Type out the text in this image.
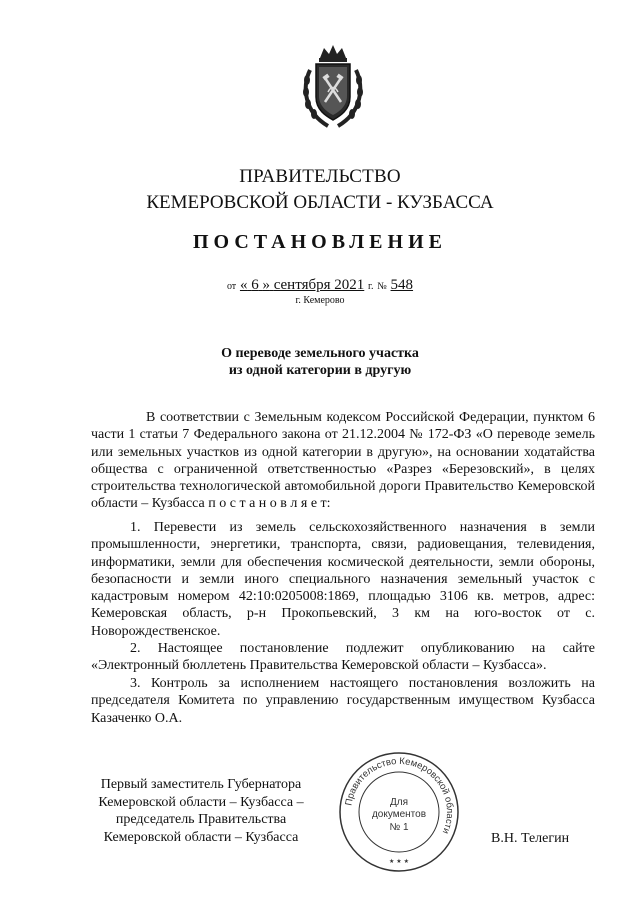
ПРАВИТЕЛЬСТВО
КЕМЕРОВСКОЙ ОБЛАСТИ - КУЗБАССА
ПОСТАНОВЛЕНИЕ
от « 6 » сентября 2021 г. № 548
г. Кемерово
О переводе земельного участка
из одной категории в другую
В соответствии с Земельным кодексом Российской Федерации, пунктом 6 части 1 статьи 7 Федерального закона от 21.12.2004 № 172-ФЗ «О переводе земель или земельных участков из одной категории в другую», на основании ходатайства общества с ограниченной ответственностью «Разрез «Березовский», в целях строительства технологической автомобильной дороги Правительство Кемеровской области – Кузбасса п о с т а н о в л я е т:
1. Перевести из земель сельскохозяйственного назначения в земли промышленности, энергетики, транспорта, связи, радиовещания, телевидения, информатики, земли для обеспечения космической деятельности, земли обороны, безопасности и земли иного специального назначения земельный участок с кадастровым номером 42:10:0205008:1869, площадью 3106 кв. метров, адрес: Кемеровская область, р-н Прокопьевский, 3 км на юго-восток от с. Новорождественское.
2. Настоящее постановление подлежит опубликованию на сайте «Электронный бюллетень Правительства Кемеровской области – Кузбасса».
3. Контроль за исполнением настоящего постановления возложить на председателя Комитета по управлению государственным имуществом Кузбасса Казаченко О.А.
Первый заместитель Губернатора
Кемеровской области – Кузбасса –
председатель Правительства
Кемеровской области – Кузбасса
Правительство Кемеровской области
Для
документов
№ 1
★ ★ ★
В.Н. Телегин
